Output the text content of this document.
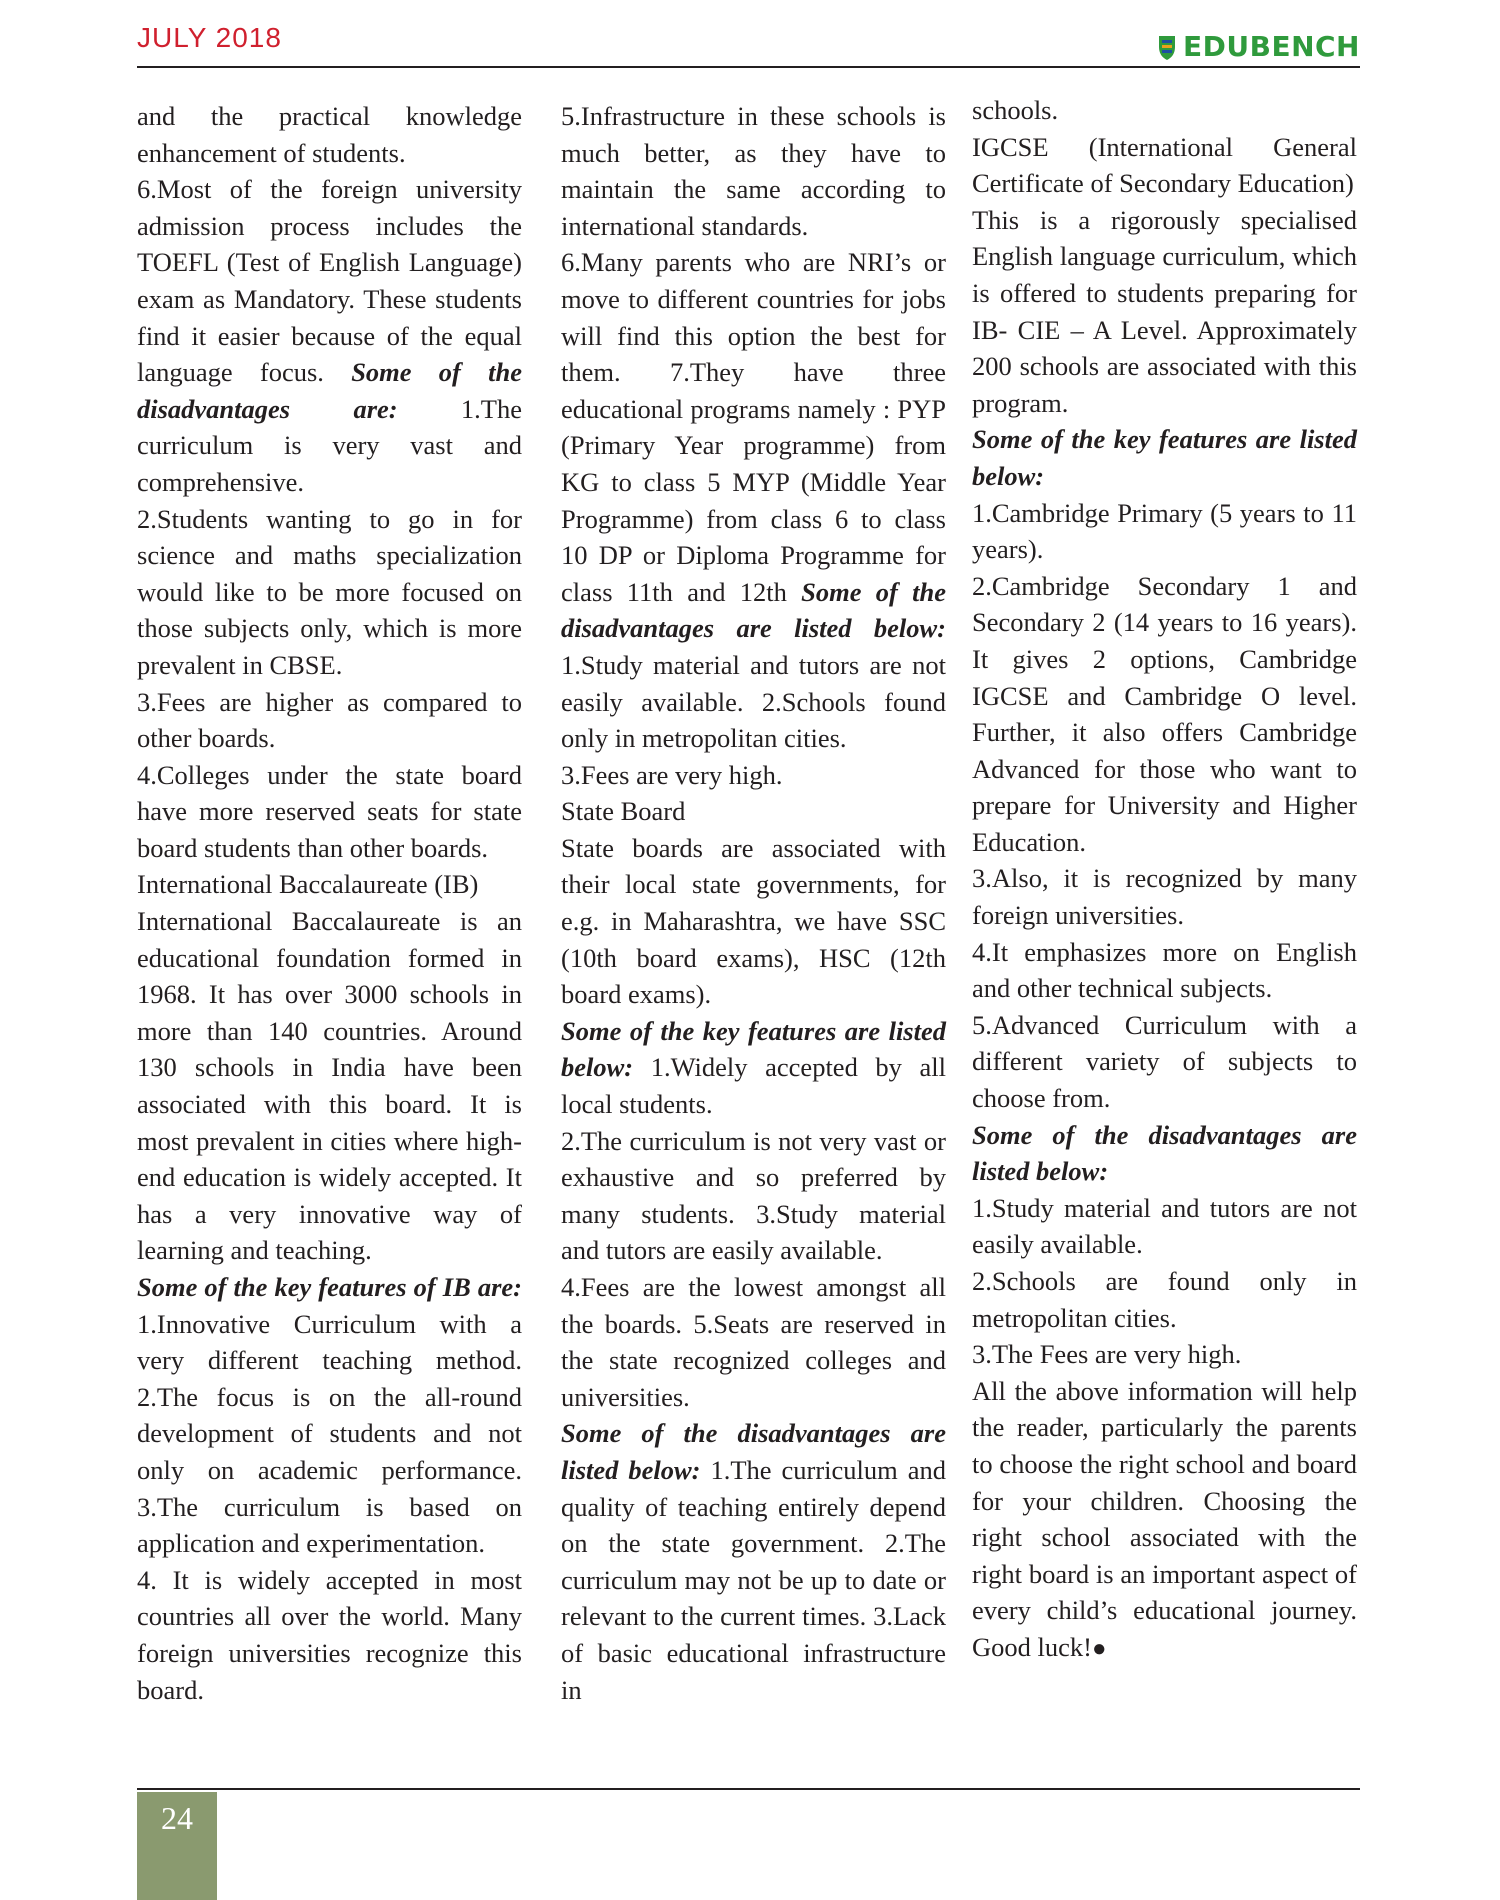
JULY 2018	EDUBENCH

and the practical knowledge enhancement of students.

6.Most of the foreign university admission process includes the TOEFL (Test of English Language) exam as Mandatory. These students find it easier because of the equal language focus. Some of the disadvantages are: 1.The curriculum is very vast and comprehensive.

2.Students wanting to go in for science and maths specialization would like to be more focused on those subjects only, which is more prevalent in CBSE.

3.Fees are higher as compared to other boards.

4.Colleges under the state board have more reserved seats for state board students than other boards.

International Baccalaureate (IB)

International Baccalaureate is an educational foundation formed in 1968. It has over 3000 schools in more than 140 countries. Around 130 schools in India have been associated with this board. It is most prevalent in cities where high-end education is widely accepted. It has a very innovative way of learning and teaching.

Some of the key features of IB are: 1.Innovative Curriculum with a very different teaching method. 2.The focus is on the all-round development of students and not only on academic performance. 3.The curriculum is based on application and experimentation.

4. It is widely accepted in most countries all over the world. Many foreign universities recognize this board.

5.Infrastructure in these schools is much better, as they have to maintain the same according to international standards.

6.Many parents who are NRI’s or move to different countries for jobs will find this option the best for them. 7.They have three educational programs namely : PYP (Primary Year programme) from KG to class 5 MYP (Middle Year Programme) from class 6 to class 10 DP or Diploma Programme for class 11th and 12th Some of the disadvantages are listed below: 1.Study material and tutors are not easily available. 2.Schools found only in metropolitan cities.

3.Fees are very high.

State Board

State boards are associated with their local state governments, for e.g. in Maharashtra, we have SSC (10th board exams), HSC (12th board exams).

Some of the key features are listed below: 1.Widely accepted by all local students.

2.The curriculum is not very vast or exhaustive and so preferred by many students. 3.Study material and tutors are easily available.

4.Fees are the lowest amongst all the boards. 5.Seats are reserved in the state recognized colleges and universities.

Some of the disadvantages are listed below: 1.The curriculum and quality of teaching entirely depend on the state government. 2.The curriculum may not be up to date or relevant to the current times. 3.Lack of basic educational infrastructure in

schools.

IGCSE (International General Certificate of Secondary Education)

This is a rigorously specialised English language curriculum, which is offered to students preparing for IB- CIE – A Level. Approximately 200 schools are associated with this program.

Some of the key features are listed below:

1.Cambridge Primary (5 years to 11 years).

2.Cambridge Secondary 1 and Secondary 2 (14 years to 16 years). It gives 2 options, Cambridge IGCSE and Cambridge O level. Further, it also offers Cambridge Advanced for those who want to prepare for University and Higher Education.

3.Also, it is recognized by many foreign universities.

4.It emphasizes more on English and other technical subjects.

5.Advanced Curriculum with a different variety of subjects to choose from.

Some of the disadvantages are listed below:

1.Study material and tutors are not easily available.

2.Schools are found only in metropolitan cities.

3.The Fees are very high.

All the above information will help the reader, particularly the parents to choose the right school and board for your children. Choosing the right school associated with the right board is an important aspect of every child’s educational journey. Good luck!●

24
